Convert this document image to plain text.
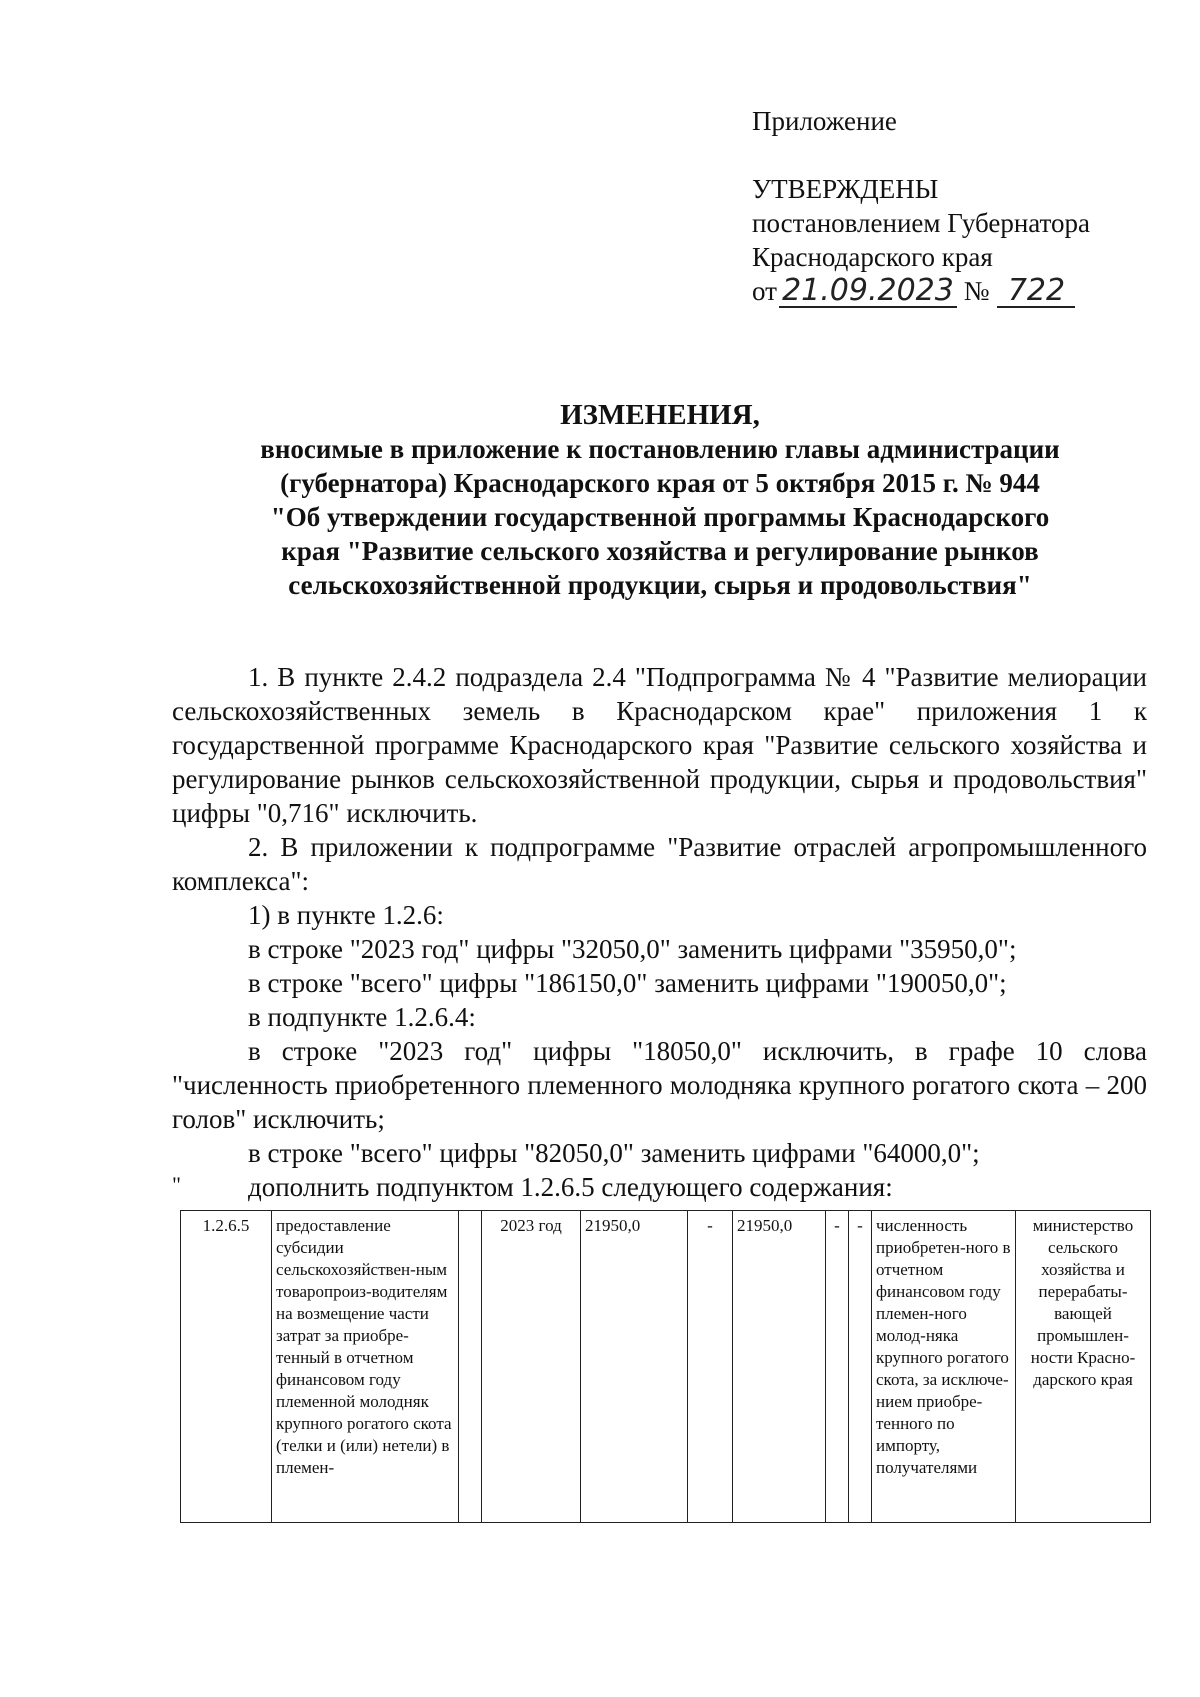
Приложение
УТВЕРЖДЕНЫ
постановлением Губернатора
Краснодарского края
от 21.09.2023 № 722
ИЗМЕНЕНИЯ,
вносимые в приложение к постановлению главы администрации
(губернатора) Краснодарского края от 5 октября 2015 г. № 944
"Об утверждении государственной программы Краснодарского
края "Развитие сельского хозяйства и регулирование рынков
сельскохозяйственной продукции, сырья и продовольствия"

1. В пункте 2.4.2 подраздела 2.4 "Подпрограмма № 4 "Развитие мелиорации сельскохозяйственных земель в Краснодарском крае" приложения 1 к государственной программе Краснодарского края "Развитие сельского хозяйства и регулирование рынков сельскохозяйственной продукции, сырья и продовольствия" цифры "0,716" исключить.

2. В приложении к подпрограмме "Развитие отраслей агропромышленного комплекса":

1) в пункте 1.2.6:

в строке "2023 год" цифры "32050,0" заменить цифрами "35950,0";

в строке "всего" цифры "186150,0" заменить цифрами "190050,0";

в подпункте 1.2.6.4:

в строке "2023 год" цифры "18050,0" исключить, в графе 10 слова "численность приобретенного племенного молодняка крупного рогатого скота – 200 голов" исключить;

в строке "всего" цифры "82050,0" заменить цифрами "64000,0";

дополнить подпунктом 1.2.6.5 следующего содержания:

"
1.2.6.5	предоставление субсидии сельскохозяйствен-ным товаропроиз-водителям на возмещение части затрат за приобре-тенный в отчетном финансовом году племенной молодняк крупного рогатого скота (телки и (или) нетели) в племен-		2023 год	21950,0	-	21950,0	-	-	численность приобретен-ного в отчетном финансовом году племен-ного молод-няка крупного рогатого скота, за исключе-нием приобре-тенного по импорту, получателями	министерство сельского хозяйства и перерабаты-вающей промышлен-ности Красно-дарского края
